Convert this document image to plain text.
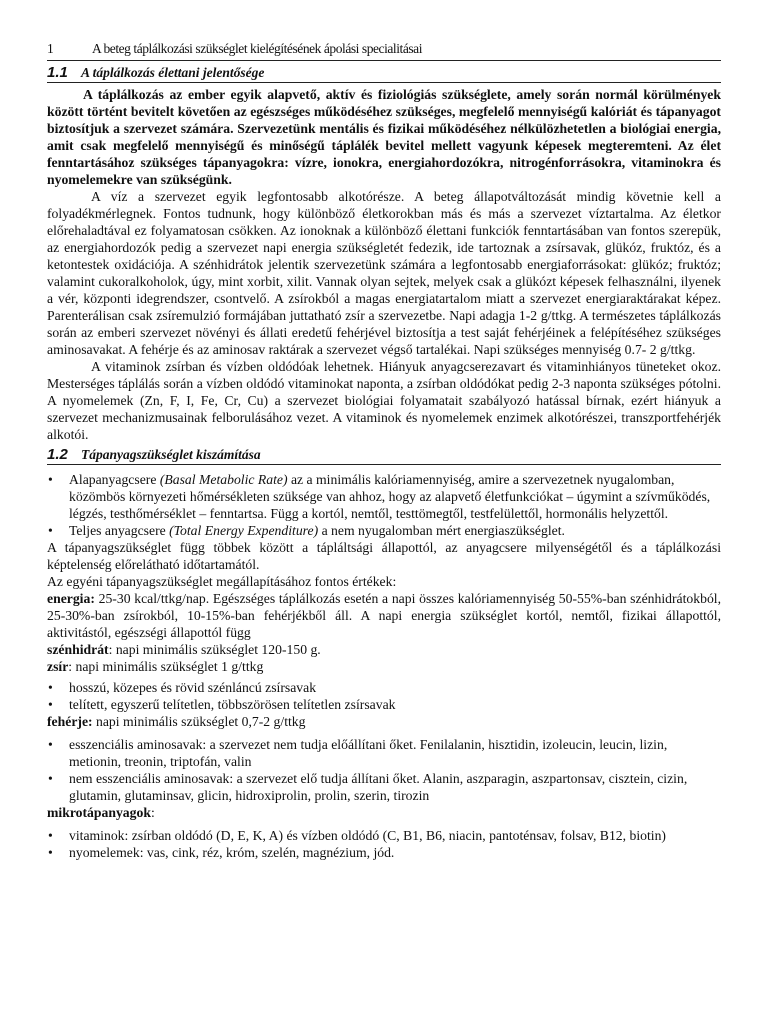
1	A beteg táplálkozási szükséglet kielégítésének ápolási specialitásai
1.1 A táplálkozás élettani jelentősége

A táplálkozás az ember egyik alapvető, aktív és fiziológiás szükséglete, amely során normál körülmények között történt bevitelt követően az egészséges működéséhez szükséges, megfelelő mennyiségű kalóriát és tápanyagot biztosítjuk a szervezet számára. Szervezetünk mentális és fizikai működéséhez nélkülözhetetlen a biológiai energia, amit csak megfelelő mennyiségű és minőségű táplálék bevitel mellett vagyunk képesek megteremteni. Az élet fenntartásához szükséges tápanyagokra: vízre, ionokra, energiahordozókra, nitrogénforrásokra, vitaminokra és nyomelemekre van szükségünk.

A víz a szervezet egyik legfontosabb alkotórésze. A beteg állapotváltozását mindig követnie kell a folyadékmérlegnek. Fontos tudnunk, hogy különböző életkorokban más és más a szervezet víztartalma. Az életkor előrehaladtával ez folyamatosan csökken. Az ionoknak a különböző élettani funkciók fenntartásában van fontos szerepük, az energiahordozók pedig a szervezet napi energia szükségletét fedezik, ide tartoznak a zsírsavak, glükóz, fruktóz, és a ketontestek oxidációja. A szénhidrátok jelentik szervezetünk számára a legfontosabb energiaforrásokat: glükóz; fruktóz; valamint cukoralkoholok, úgy, mint xorbit, xilit. Vannak olyan sejtek, melyek csak a glükózt képesek felhasználni, ilyenek a vér, központi idegrendszer, csontvelő. A zsírokból a magas energiatartalom miatt a szervezet energiaraktárakat képez. Parenterálisan csak zsíremulzió formájában juttatható zsír a szervezetbe. Napi adagja 1-2 g/ttkg. A természetes táplálkozás során az emberi szervezet növényi és állati eredetű fehérjével biztosítja a test saját fehérjéinek a felépítéséhez szükséges aminosavakat. A fehérje és az aminosav raktárak a szervezet végső tartalékai. Napi szükséges mennyiség 0.7- 2 g/ttkg.

A vitaminok zsírban és vízben oldódóak lehetnek. Hiányuk anyagcserezavart és vitaminhiányos tüneteket okoz. Mesterséges táplálás során a vízben oldódó vitaminokat naponta, a zsírban oldódókat pedig 2-3 naponta szükséges pótolni. A nyomelemek (Zn, F, I, Fe, Cr, Cu) a szervezet biológiai folyamatait szabályozó hatással bírnak, ezért hiányuk a szervezet mechanizmusainak felborulásához vezet. A vitaminok és nyomelemek enzimek alkotórészei, transzportfehérjék alkotói.

1.2 Tápanyagszükséglet kiszámítása
• Alapanyagcsere (Basal Metabolic Rate) az a minimális kalóriamennyiség, amire a szervezetnek nyugalomban, közömbös környezeti hőmérsékleten szüksége van ahhoz, hogy az alapvető életfunkciókat – úgymint a szívműködés, légzés, testhőmérséklet – fenntartsa. Függ a kortól, nemtől, testtömegtől, testfelülettől, hormonális helyzettől.
• Teljes anyagcsere (Total Energy Expenditure) a nem nyugalomban mért energiaszükséglet.

A tápanyagszükséglet függ többek között a tápláltsági állapottól, az anyagcsere milyenségétől és a táplálkozási képtelenség előrelátható időtartamától.

Az egyéni tápanyagszükséglet megállapításához fontos értékek:

energia: 25-30 kcal/ttkg/nap. Egészséges táplálkozás esetén a napi összes kalóriamennyiség 50-55%-ban szénhidrátokból, 25-30%-ban zsírokból, 10-15%-ban fehérjékből áll. A napi energia szükséglet kortól, nemtől, fizikai állapottól, aktivitástól, egészségi állapottól függ

szénhidrát: napi minimális szükséglet 120-150 g.

zsír: napi minimális szükséglet 1 g/ttkg

• hosszú, közepes és rövid szénláncú zsírsavak
• telített, egyszerű telítetlen, többszörösen telítetlen zsírsavak

fehérje: napi minimális szükséglet 0,7-2 g/ttkg

• esszenciális aminosavak: a szervezet nem tudja előállítani őket. Fenilalanin, hisztidin, izoleucin, leucin, lizin, metionin, treonin, triptofán, valin
• nem esszenciális aminosavak: a szervezet elő tudja állítani őket. Alanin, aszparagin, aszpartonsav, cisztein, cizin, glutamin, glutaminsav, glicin, hidroxiprolin, prolin, szerin, tirozin

mikrotápanyagok:

• vitaminok: zsírban oldódó (D, E, K, A) és vízben oldódó (C, B1, B6, niacin, pantoténsav, folsav, B12, biotin)
• nyomelemek: vas, cink, réz, króm, szelén, magnézium, jód.
